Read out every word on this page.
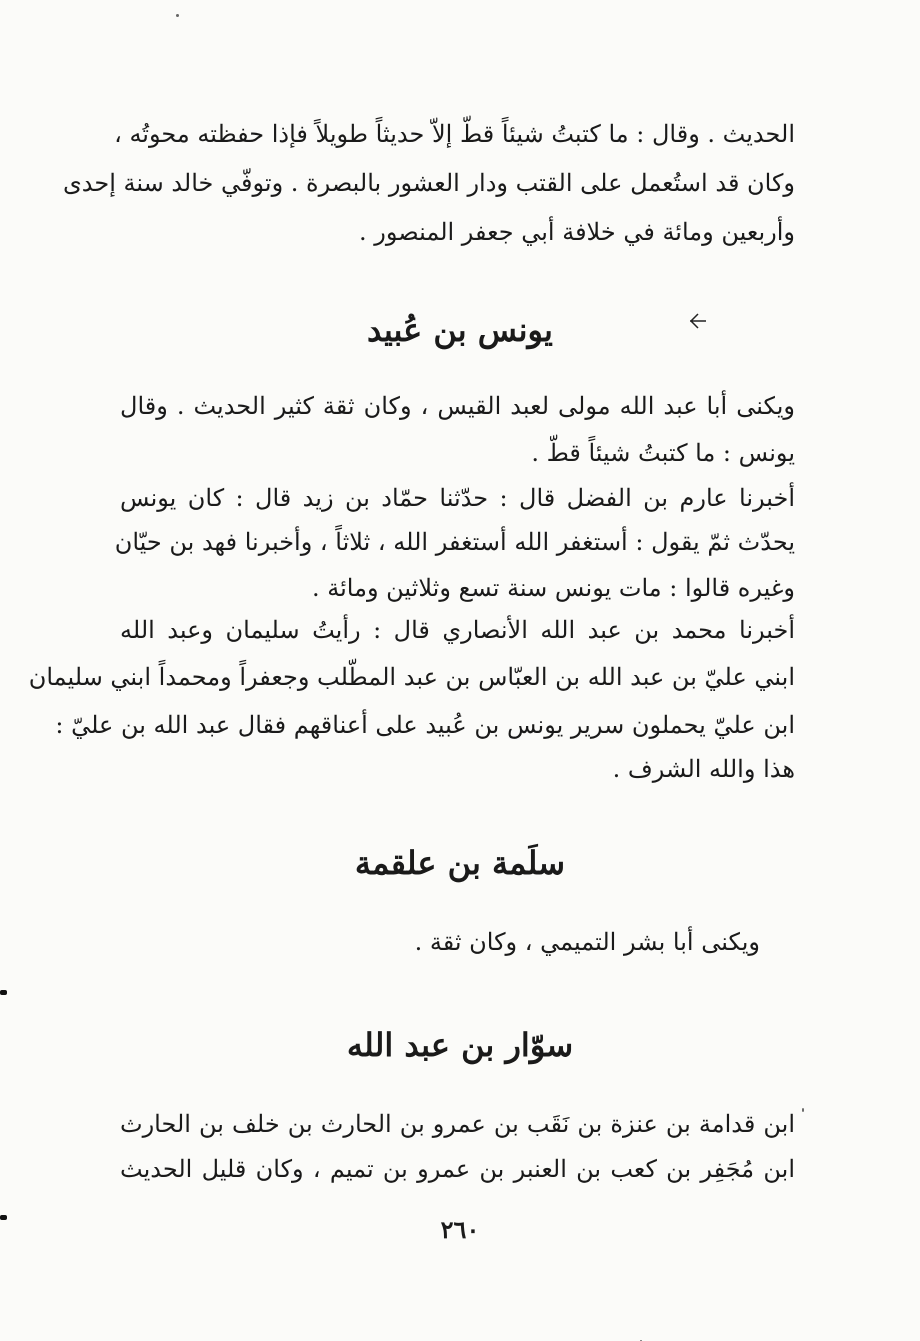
الحديث . وقال : ما كتبتُ شيئاً قطّ إلاّ حديثاً طويلاً فإذا حفظته محوتُه ،
وكان قد استُعمل على القتب ودار العشور بالبصرة . وتوفّي خالد سنة إحدى
وأربعين ومائة في خلافة أبي جعفر المنصور .
يونس بن عُبيد
ويكنى أبا عبد الله مولى لعبد القيس ، وكان ثقة كثير الحديث . وقال
يونس : ما كتبتُ شيئاً قطّ .
أخبرنا عارم بن الفضل قال : حدّثنا حمّاد بن زيد قال : كان يونس
يحدّث ثمّ يقول : أستغفر الله أستغفر الله ، ثلاثاً ، وأخبرنا فهد بن حيّان
وغيره قالوا : مات يونس سنة تسع وثلاثين ومائة .
أخبرنا محمد بن عبد الله الأنصاري قال : رأيتُ سليمان وعبد الله
ابني عليّ بن عبد الله بن العبّاس بن عبد المطّلب وجعفراً ومحمداً ابني سليمان
ابن عليّ يحملون سرير يونس بن عُبيد على أعناقهم فقال عبد الله بن عليّ :
هذا والله الشرف .
سلَمة بن علقمة
ويكنى أبا بشر التميمي ، وكان ثقة .
سوّار بن عبد الله
ابن قدامة بن عنزة بن نَقَب بن عمرو بن الحارث بن خلف بن الحارث
ابن مُجَفِر بن كعب بن العنبر بن عمرو بن تميم ، وكان قليل الحديث
٢٦٠
